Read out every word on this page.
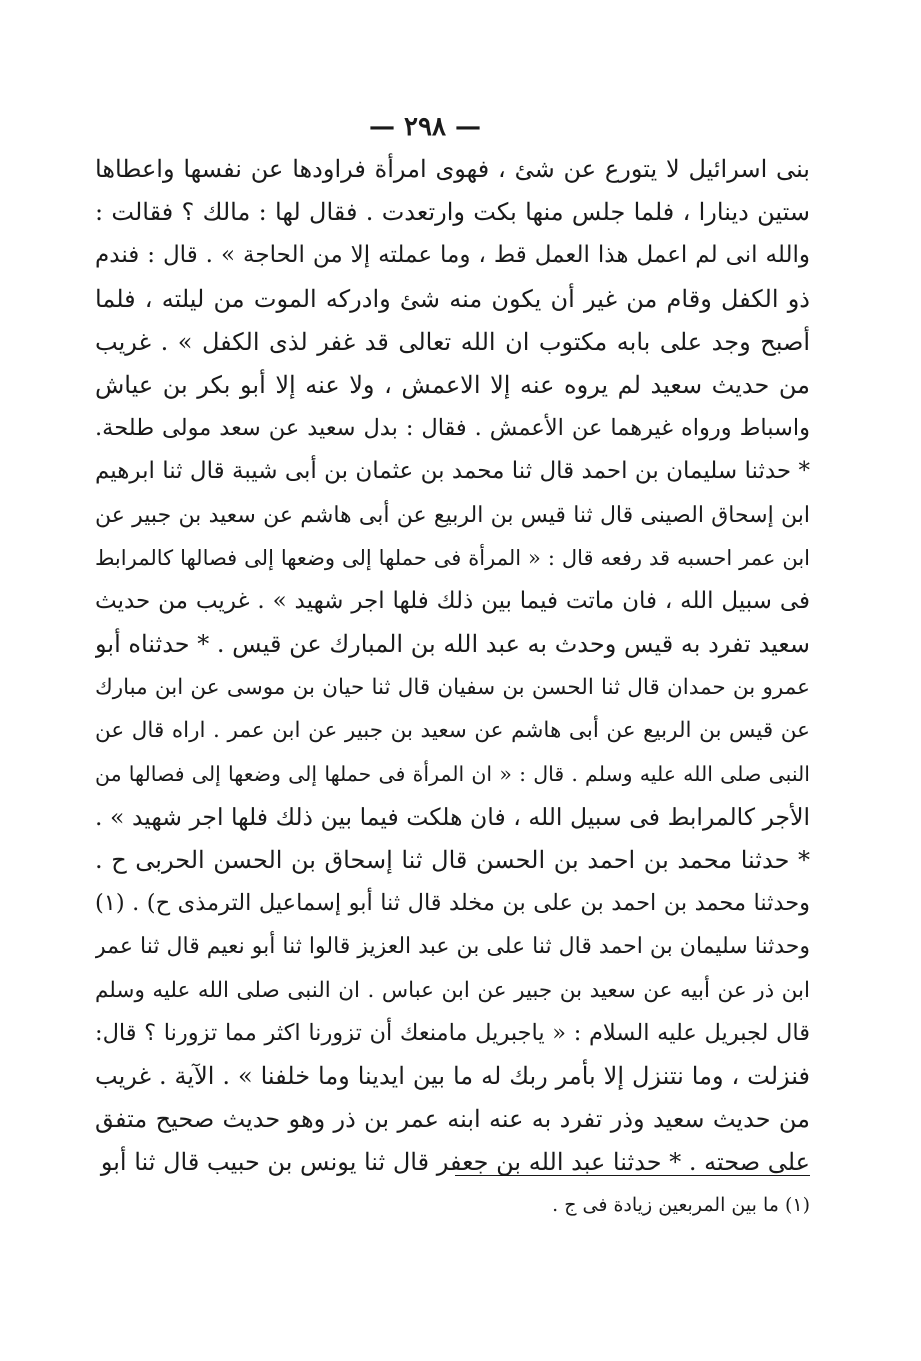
— ٢٩٨ —
بنى اسرائيل لا يتورع عن شئ ، فهوى امرأة فراودها عن نفسها واعطاها
ستين دينارا ، فلما جلس منها بكت وارتعدت . فقال لها : مالك ؟ فقالت :
والله انى لم اعمل هذا العمل قط ، وما عملته إلا من الحاجة » . قال : فندم
ذو الكفل وقام من غير أن يكون منه شئ وادركه الموت من ليلته ، فلما
أصبح وجد على بابه مكتوب ان الله تعالى قد غفر لذى الكفل » . غريب
من حديث سعيد لم يروه عنه إلا الاعمش ، ولا عنه إلا أبو بكر بن عياش
واسباط ورواه غيرهما عن الأعمش . فقال : بدل سعيد عن سعد مولى طلحة.
* حدثنا سليمان بن احمد قال ثنا محمد بن عثمان بن أبى شيبة قال ثنا ابرهيم
ابن إسحاق الصينى قال ثنا قيس بن الربيع عن أبى هاشم عن سعيد بن جبير عن
ابن عمر احسبه قد رفعه قال : « المرأة فى حملها إلى وضعها إلى فصالها كالمرابط
فى سبيل الله ، فان ماتت فيما بين ذلك فلها اجر شهيد » . غريب من حديث
سعيد تفرد به قيس وحدث به عبد الله بن المبارك عن قيس . * حدثناه أبو
عمرو بن حمدان قال ثنا الحسن بن سفيان قال ثنا حيان بن موسى عن ابن مبارك
عن قيس بن الربيع عن أبى هاشم عن سعيد بن جبير عن ابن عمر . اراه قال عن
النبى صلى الله عليه وسلم . قال : « ان المرأة فى حملها إلى وضعها إلى فصالها من
الأجر كالمرابط فى سبيل الله ، فان هلكت فيما بين ذلك فلها اجر شهيد » .
* حدثنا محمد بن احمد بن الحسن قال ثنا إسحاق بن الحسن الحربى ح .
وحدثنا محمد بن احمد بن على بن مخلد قال ثنا أبو إسماعيل الترمذى ح) . (١)
وحدثنا سليمان بن احمد قال ثنا على بن عبد العزيز قالوا ثنا أبو نعيم قال ثنا عمر
ابن ذر عن أبيه عن سعيد بن جبير عن ابن عباس . ان النبى صلى الله عليه وسلم
قال لجبريل عليه السلام : « ياجبريل مامنعك أن تزورنا اكثر مما تزورنا ؟ قال:
فنزلت ، وما نتنزل إلا بأمر ربك له ما بين ايدينا وما خلفنا » . الآية . غريب
من حديث سعيد وذر تفرد به عنه ابنه عمر بن ذر وهو حديث صحيح متفق
على صحته . * حدثنا عبد الله بن جعفر قال ثنا يونس بن حبيب قال ثنا أبو
(١) ما بين المربعين زيادة فى ج .
